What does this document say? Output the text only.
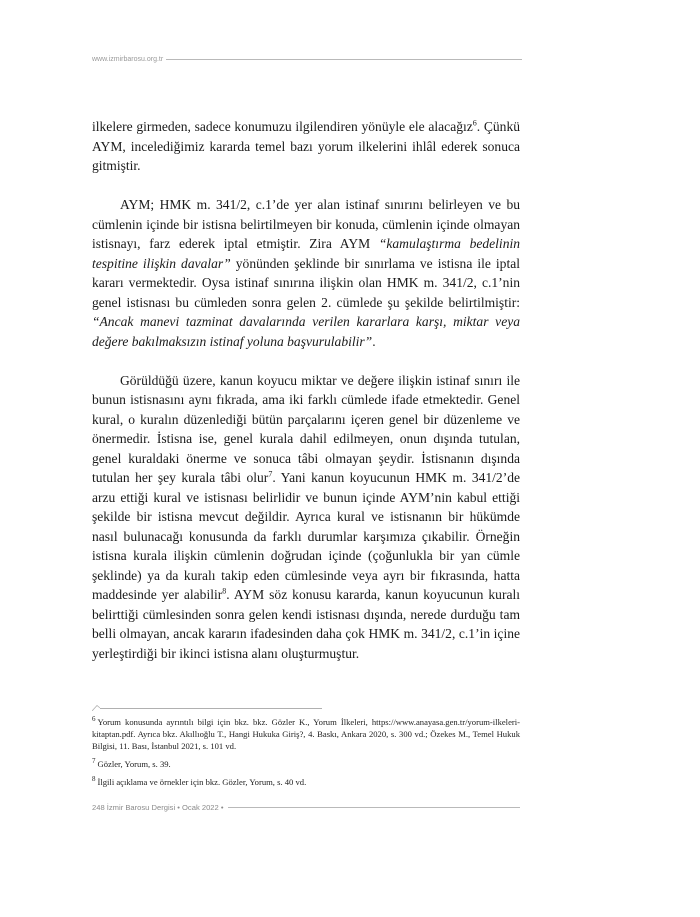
www.izmirbarosu.org.tr

ilkelere girmeden, sadece konumuzu ilgilendiren yönüyle ele alacağız$^6$. Çünkü AYM, incelediğimiz kararda temel bazı yorum ilkelerini ihlâl ederek sonuca gitmiştir.

AYM; HMK m. 341/2, c.1’de yer alan istinaf sınırını belirleyen ve bu cümlenin içinde bir istisna belirtilmeyen bir konuda, cümlenin içinde olmayan istisnayı, farz ederek iptal etmiştir. Zira AYM “kamulaştırma bedelinin tespitine ilişkin davalar” yönünden şeklinde bir sınırlama ve istisna ile iptal kararı vermektedir. Oysa istinaf sınırına ilişkin olan HMK m. 341/2, c.1’nin genel istisnası bu cümleden sonra gelen 2. cümlede şu şekilde belirtilmiştir: “Ancak manevi tazminat davalarında verilen kararlara karşı, miktar veya değere bakılmaksızın istinaf yoluna başvurulabilir”.

Görüldüğü üzere, kanun koyucu miktar ve değere ilişkin istinaf sınırı ile bunun istisnasını aynı fıkrada, ama iki farklı cümlede ifade etmektedir. Genel kural, o kuralın düzenlediği bütün parçalarını içeren genel bir düzenleme ve önermedir. İstisna ise, genel kurala dahil edilmeyen, onun dışında tutulan, genel kuraldaki önerme ve sonuca tâbi olmayan şeydir. İstisnanın dışında tutulan her şey kurala tâbi olur$^7$. Yani kanun koyucunun HMK m. 341/2’de arzu ettiği kural ve istisnası belirlidir ve bunun içinde AYM’nin kabul ettiği şekilde bir istisna mevcut değildir. Ayrıca kural ve istisnanın bir hükümde nasıl bulunacağı konusunda da farklı durumlar karşımıza çıkabilir. Örneğin istisna kurala ilişkin cümlenin doğrudan içinde (çoğunlukla bir yan cümle şeklinde) ya da kuralı takip eden cümlesinde veya ayrı bir fıkrasında, hatta maddesinde yer alabilir$^8$. AYM söz konusu kararda, kanun koyucunun kuralı belirttiği cümlesinden sonra gelen kendi istisnası dışında, nerede durduğu tam belli olmayan, ancak kararın ifadesinden daha çok HMK m. 341/2, c.1’in içine yerleştirdiği bir ikinci istisna alanı oluşturmuştur.

$^6$ Yorum konusunda ayrıntılı bilgi için bkz. bkz. Gözler K., Yorum İlkeleri, https://www.anayasa.gen.tr/yorum-ilkeleri-kitaptan.pdf. Ayrıca bkz. Akıllıoğlu T., Hangi Hukuka Giriş?, 4. Baskı, Ankara 2020, s. 300 vd.; Özekes M., Temel Hukuk Bilgisi, 11. Bası, İstanbul 2021, s. 101 vd.

$^7$ Gözler, Yorum, s. 39.

$^8$ İlgili açıklama ve örnekler için bkz. Gözler, Yorum, s. 40 vd.

248 İzmir Barosu Dergisi • Ocak 2022 •
